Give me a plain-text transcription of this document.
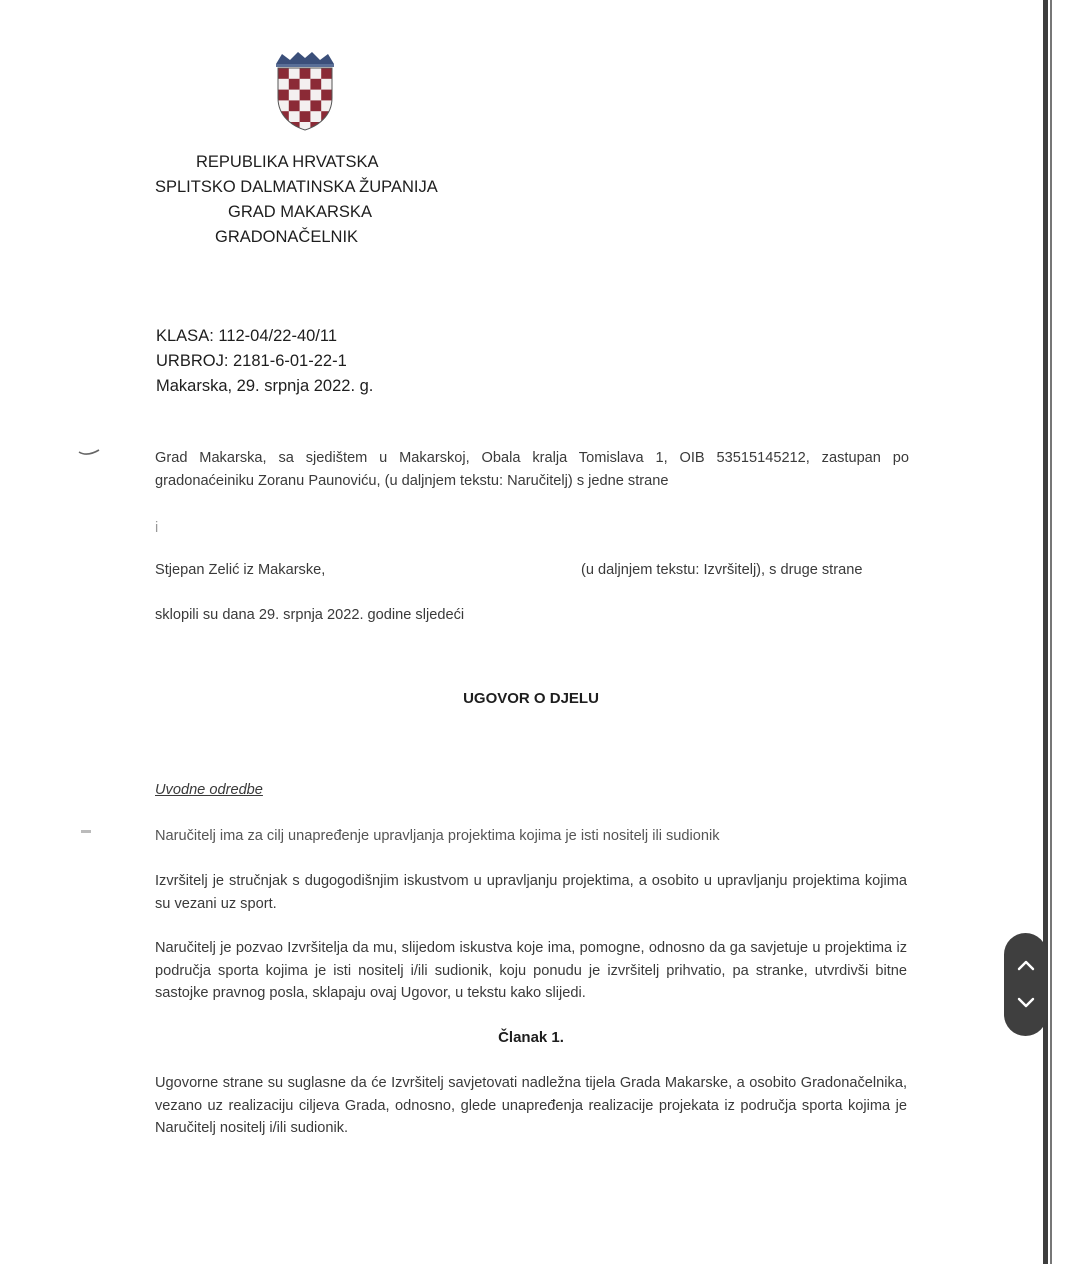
REPUBLIKA HRVATSKA
SPLITSKO DALMATINSKA ŽUPANIJA
GRAD MAKARSKA
GRADONAČELNIK
KLASA: 112-04/22-40/11
URBROJ: 2181-6-01-22-1
Makarska, 29. srpnja 2022. g.
Grad Makarska, sa sjedištem u Makarskoj, Obala kralja Tomislava 1, OIB 53515145212, zastupan po gradonaćeiniku Zoranu Paunoviću, (u daljnjem tekstu: Naručitelj) s jedne strane
i
Stjepan Zelić iz Makarske,	(u daljnjem tekstu: Izvršitelj), s druge strane
sklopili su dana 29. srpnja 2022. godine sljedeći
UGOVOR O DJELU
Uvodne odredbe
Naručitelj ima za cilj unapređenje upravljanja projektima kojima je isti nositelj ili sudionik
Izvršitelj je stručnjak s dugogodišnjim iskustvom u upravljanju projektima, a osobito u upravljanju projektima kojima su vezani uz sport.
Naručitelj je pozvao Izvršitelja da mu, slijedom iskustva koje ima, pomogne, odnosno da ga savjetuje u projektima iz područja sporta kojima je isti nositelj i/ili sudionik, koju ponudu je izvršitelj prihvatio, pa stranke, utvrdivši bitne sastojke pravnog posla, sklapaju ovaj Ugovor, u tekstu kako slijedi.
Članak 1.
Ugovorne strane su suglasne da će Izvršitelj savjetovati nadležna tijela Grada Makarske, a osobito Gradonačelnika, vezano uz realizaciju ciljeva Grada, odnosno, glede unapređenja realizacije projekata iz područja sporta kojima je Naručitelj nositelj i/ili sudionik.
